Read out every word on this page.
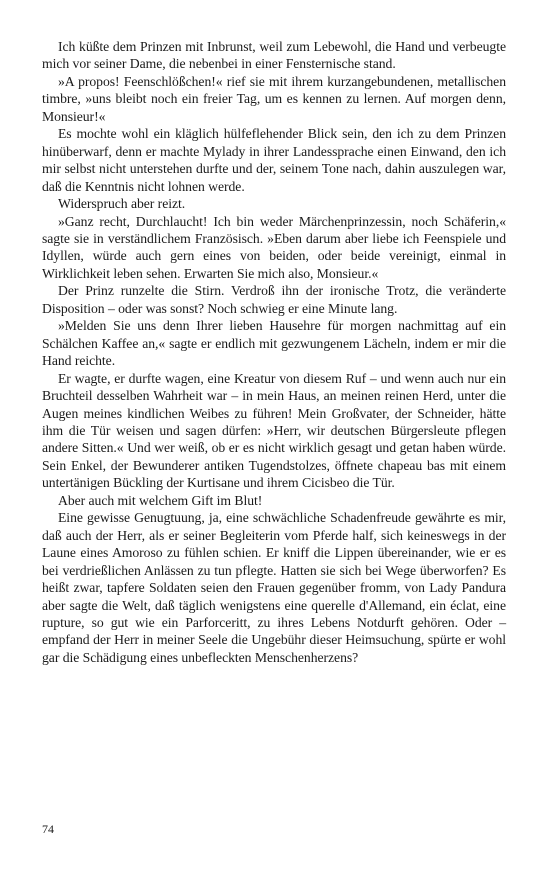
Ich küßte dem Prinzen mit Inbrunst, weil zum Lebewohl, die Hand und verbeugte mich vor seiner Dame, die nebenbei in einer Fensternische stand.

»A propos! Feenschlößchen!« rief sie mit ihrem kurzangebundenen, metallischen timbre, »uns bleibt noch ein freier Tag, um es kennen zu lernen. Auf morgen denn, Monsieur!«

Es mochte wohl ein kläglich hülfeflehender Blick sein, den ich zu dem Prinzen hinüberwarf, denn er machte Mylady in ihrer Landessprache einen Einwand, den ich mir selbst nicht unterstehen durfte und der, seinem Tone nach, dahin auszulegen war, daß die Kenntnis nicht lohnen werde.

Widerspruch aber reizt.

»Ganz recht, Durchlaucht! Ich bin weder Märchenprinzessin, noch Schäferin,« sagte sie in verständlichem Französisch. »Eben darum aber liebe ich Feenspiele und Idyllen, würde auch gern eines von beiden, oder beide vereinigt, einmal in Wirklichkeit leben sehen. Erwarten Sie mich also, Monsieur.«

Der Prinz runzelte die Stirn. Verdroß ihn der ironische Trotz, die veränderte Disposition – oder was sonst? Noch schwieg er eine Minute lang.

»Melden Sie uns denn Ihrer lieben Hausehre für morgen nachmittag auf ein Schälchen Kaffee an,« sagte er endlich mit gezwungenem Lächeln, indem er mir die Hand reichte.

Er wagte, er durfte wagen, eine Kreatur von diesem Ruf – und wenn auch nur ein Bruchteil desselben Wahrheit war – in mein Haus, an meinen reinen Herd, unter die Augen meines kindlichen Weibes zu führen! Mein Großvater, der Schneider, hätte ihm die Tür weisen und sagen dürfen: »Herr, wir deutschen Bürgersleute pflegen andere Sitten.« Und wer weiß, ob er es nicht wirklich gesagt und getan haben würde. Sein Enkel, der Bewunderer antiken Tugendstolzes, öffnete chapeau bas mit einem untertänigen Bückling der Kurtisane und ihrem Cicisbeo die Tür.

Aber auch mit welchem Gift im Blut!

Eine gewisse Genugtuung, ja, eine schwächliche Schadenfreude gewährte es mir, daß auch der Herr, als er seiner Begleiterin vom Pferde half, sich keineswegs in der Laune eines Amoroso zu fühlen schien. Er kniff die Lippen übereinander, wie er es bei verdrießlichen Anlässen zu tun pflegte. Hatten sie sich bei Wege überworfen? Es heißt zwar, tapfere Soldaten seien den Frauen gegenüber fromm, von Lady Pandura aber sagte die Welt, daß täglich wenigstens eine querelle d'Allemand, ein éclat, eine rupture, so gut wie ein Parforceritt, zu ihres Lebens Notdurft gehören. Oder – empfand der Herr in meiner Seele die Ungebühr dieser Heimsuchung, spürte er wohl gar die Schädigung eines unbefleckten Menschenherzens?

74
